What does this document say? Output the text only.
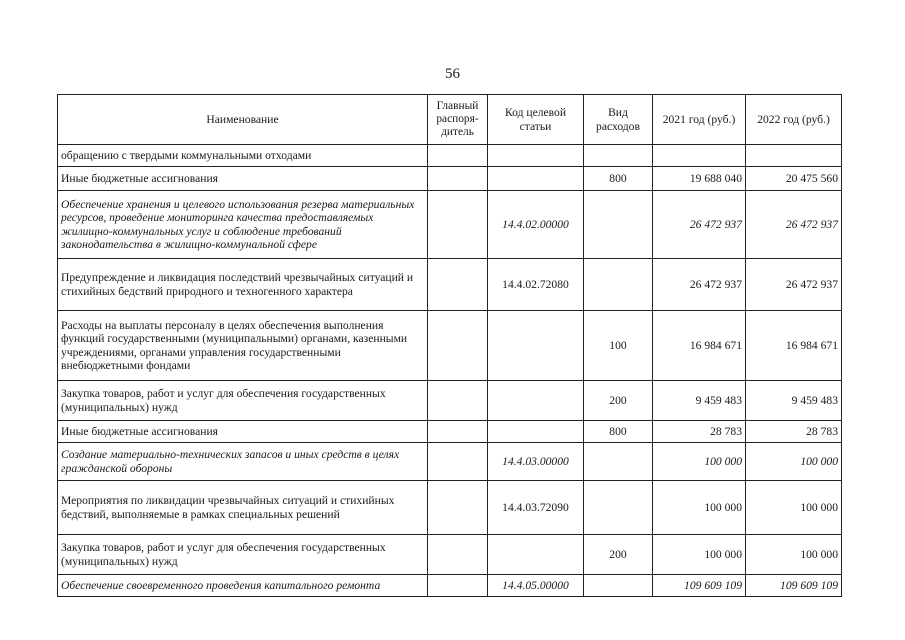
56
Наименование	Главный распоря-дитель	Код целевой статьи	Вид расходов	2021 год (руб.)	2022 год (руб.)
обращению с твердыми коммунальными отходами					
Иные бюджетные ассигнования			800	19 688 040	20 475 560
Обеспечение хранения и целевого использования резерва материальных ресурсов, проведение мониторинга качества предоставляемых жилищно-коммунальных услуг и соблюдение требований законодательства в жилищно-коммунальной сфере		14.4.02.00000		26 472 937	26 472 937
Предупреждение и ликвидация последствий чрезвычайных ситуаций и стихийных бедствий природного и техногенного характера		14.4.02.72080		26 472 937	26 472 937
Расходы на выплаты персоналу в целях обеспечения выполнения функций государственными (муниципальными) органами, казенными учреждениями, органами управления государственными внебюджетными фондами			100	16 984 671	16 984 671
Закупка товаров, работ и услуг для обеспечения государственных (муниципальных) нужд			200	9 459 483	9 459 483
Иные бюджетные ассигнования			800	28 783	28 783
Создание материально-технических запасов и иных средств в целях гражданской обороны		14.4.03.00000		100 000	100 000
Мероприятия по ликвидации чрезвычайных ситуаций и стихийных бедствий, выполняемые в рамках специальных решений		14.4.03.72090		100 000	100 000
Закупка товаров, работ и услуг для обеспечения государственных (муниципальных) нужд			200	100 000	100 000
Обеспечение своевременного проведения капитального ремонта		14.4.05.00000		109 609 109	109 609 109
